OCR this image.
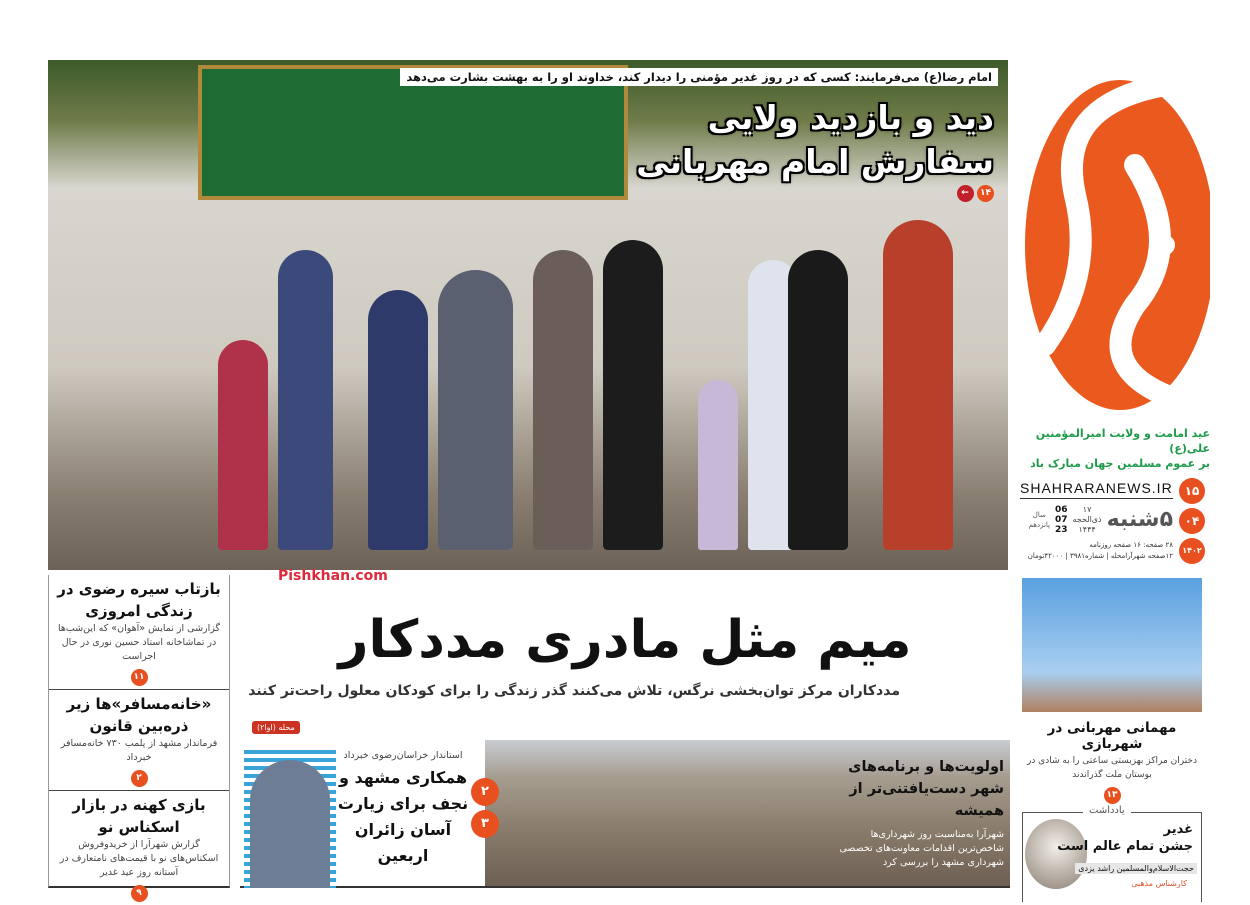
امام رضا(ع) می‌فرمایند: کسی که در روز غدیر مؤمنی را دیدار کند، خداوند او را به بهشت بشارت می‌دهد
دید و بازدید ولایی
سفارش امام مهربانی
۱۴ ←
عید امامت و ولایت امیرالمؤمنین علی(ع)
بر عموم مسلمین جهان مبارک باد
۱۵
۰۴
۱۴۰۲
SHAHRARANEWS.IR
۵شنبه
۱۷
ذی‌الحجه
۱۴۴۴
06
07
23
سال
پانزدهم
۲۸ صفحه: ۱۶ صفحه روزنامه
۱۲صفحه شهرآرامحله | شماره۳۹۸۱ | ۴۲۰۰۰تومان
Pishkhan.com
بازتاب سیره رضوی در زندگی امروزی
گزارشی از نمایش «آهوان» که این‌شب‌ها در تماشاخانه استاد حسین نوری در حال اجراست
۱۱
«خانه‌مسافر»ها زیر ذره‌بین قانون
فرماندار مشهد از پلمب ۷۳۰ خانه‌مسافر خبرداد
۲
بازی کهنه در بازار اسکناس نو
گزارش شهرآرا از خریدوفروش اسکناس‌های نو با قیمت‌های نامتعارف در آستانه روز عید غدیر
۹
میم مثل مادری مددکار
مددکاران مرکز توان‌بخشی نرگس، تلاش می‌کنند گذر زندگی را برای کودکان معلول راحت‌تر کنند
محله (اوا۲)
استاندار خراسان‌رضوی خبرداد
همکاری مشهد و نجف برای زیارت آسان زائران اربعین
۲
۳
اولویت‌ها و برنامه‌های شهر دست‌یافتنی‌تر از همیشه
شهرآرا به‌مناسبت روز شهرداری‌ها شاخص‌ترین اقدامات معاونت‌های تخصصی شهرداری مشهد را بررسی کرد
مهمانی مهربانی در شهربازی
دختران مراکز بهزیستی ساعتی را به شادی در بوستان ملت گذراندند
۱۳
یادداشت
غدیر
جشن تمام عالم است
حجت‌الاسلام‌والمسلمین راشد یزدی
کارشناس مذهبی
